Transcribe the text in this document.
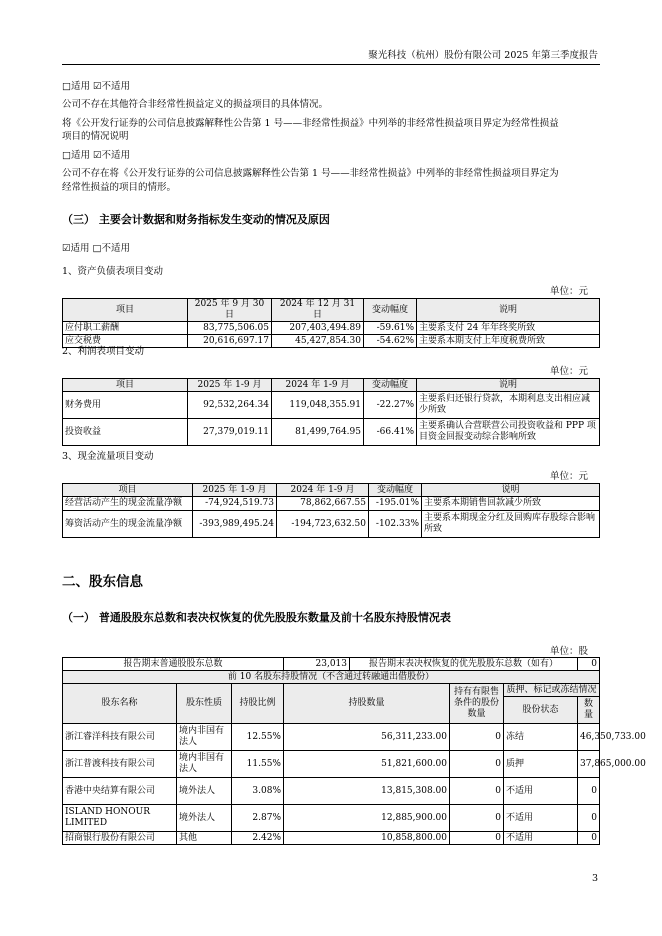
聚光科技（杭州）股份有限公司 2025 年第三季度报告
□适用 ☑不适用
公司不存在其他符合非经常性损益定义的损益项目的具体情况。
将《公开发行证券的公司信息披露解释性公告第 1 号——非经常性损益》中列举的非经常性损益项目界定为经常性损益
项目的情况说明
□适用 ☑不适用
公司不存在将《公开发行证券的公司信息披露解释性公告第 1 号——非经常性损益》中列举的非经常性损益项目界定为
经常性损益的项目的情形。
（三） 主要会计数据和财务指标发生变动的情况及原因
☑适用 □不适用
1、资产负债表项目变动
单位：元
项目	2025 年 9 月 30 日	2024 年 12 月 31 日	变动幅度	说明
应付职工薪酬	83,775,506.05	207,403,494.89	-59.61%	主要系支付 24 年年终奖所致
应交税费	20,616,697.17	45,427,854.30	-54.62%	主要系本期支付上年度税费所致
2、利润表项目变动
单位：元
项目	2025 年 1-9 月	2024 年 1-9 月	变动幅度	说明
财务费用	92,532,264.34	119,048,355.91	-22.27%	主要系归还银行贷款，本期利息支出相应减少所致
投资收益	27,379,019.11	81,499,764.95	-66.41%	主要系确认合营联营公司投资收益和 PPP 项目资金回报变动综合影响所致
3、现金流量项目变动
单位：元
项目	2025 年 1-9 月	2024 年 1-9 月	变动幅度	说明
经营活动产生的现金流量净额	-74,924,519.73	78,862,667.55	-195.01%	主要系本期销售回款减少所致
筹资活动产生的现金流量净额	-393,989,495.24	-194,723,632.50	-102.33%	主要系本期现金分红及回购库存股综合影响所致
二、股东信息
（一） 普通股股东总数和表决权恢复的优先股股东数量及前十名股东持股情况表
单位：股
报告期末普通股股东总数			23,013	报告期末表决权恢复的优先股股东总数（如有）			0
前 10 名股东持股情况（不含通过转融通出借股份）							
股东名称	股东性质	持股比例	持股数量		持有有限售条件的股份数量	质押、标记或冻结情况	
						股份状态	数量
浙江睿洋科技有限公司	境内非国有法人	12.55%	56,311,233.00		0	冻结	46,350,733.00
浙江普渡科技有限公司	境内非国有法人	11.55%	51,821,600.00		0	质押	37,865,000.00
香港中央结算有限公司	境外法人	3.08%	13,815,308.00		0	不适用	0
ISLAND HONOUR LIMITED	境外法人	2.87%	12,885,900.00		0	不适用	0
招商银行股份有限公司	其他	2.42%	10,858,800.00		0	不适用	0
3
